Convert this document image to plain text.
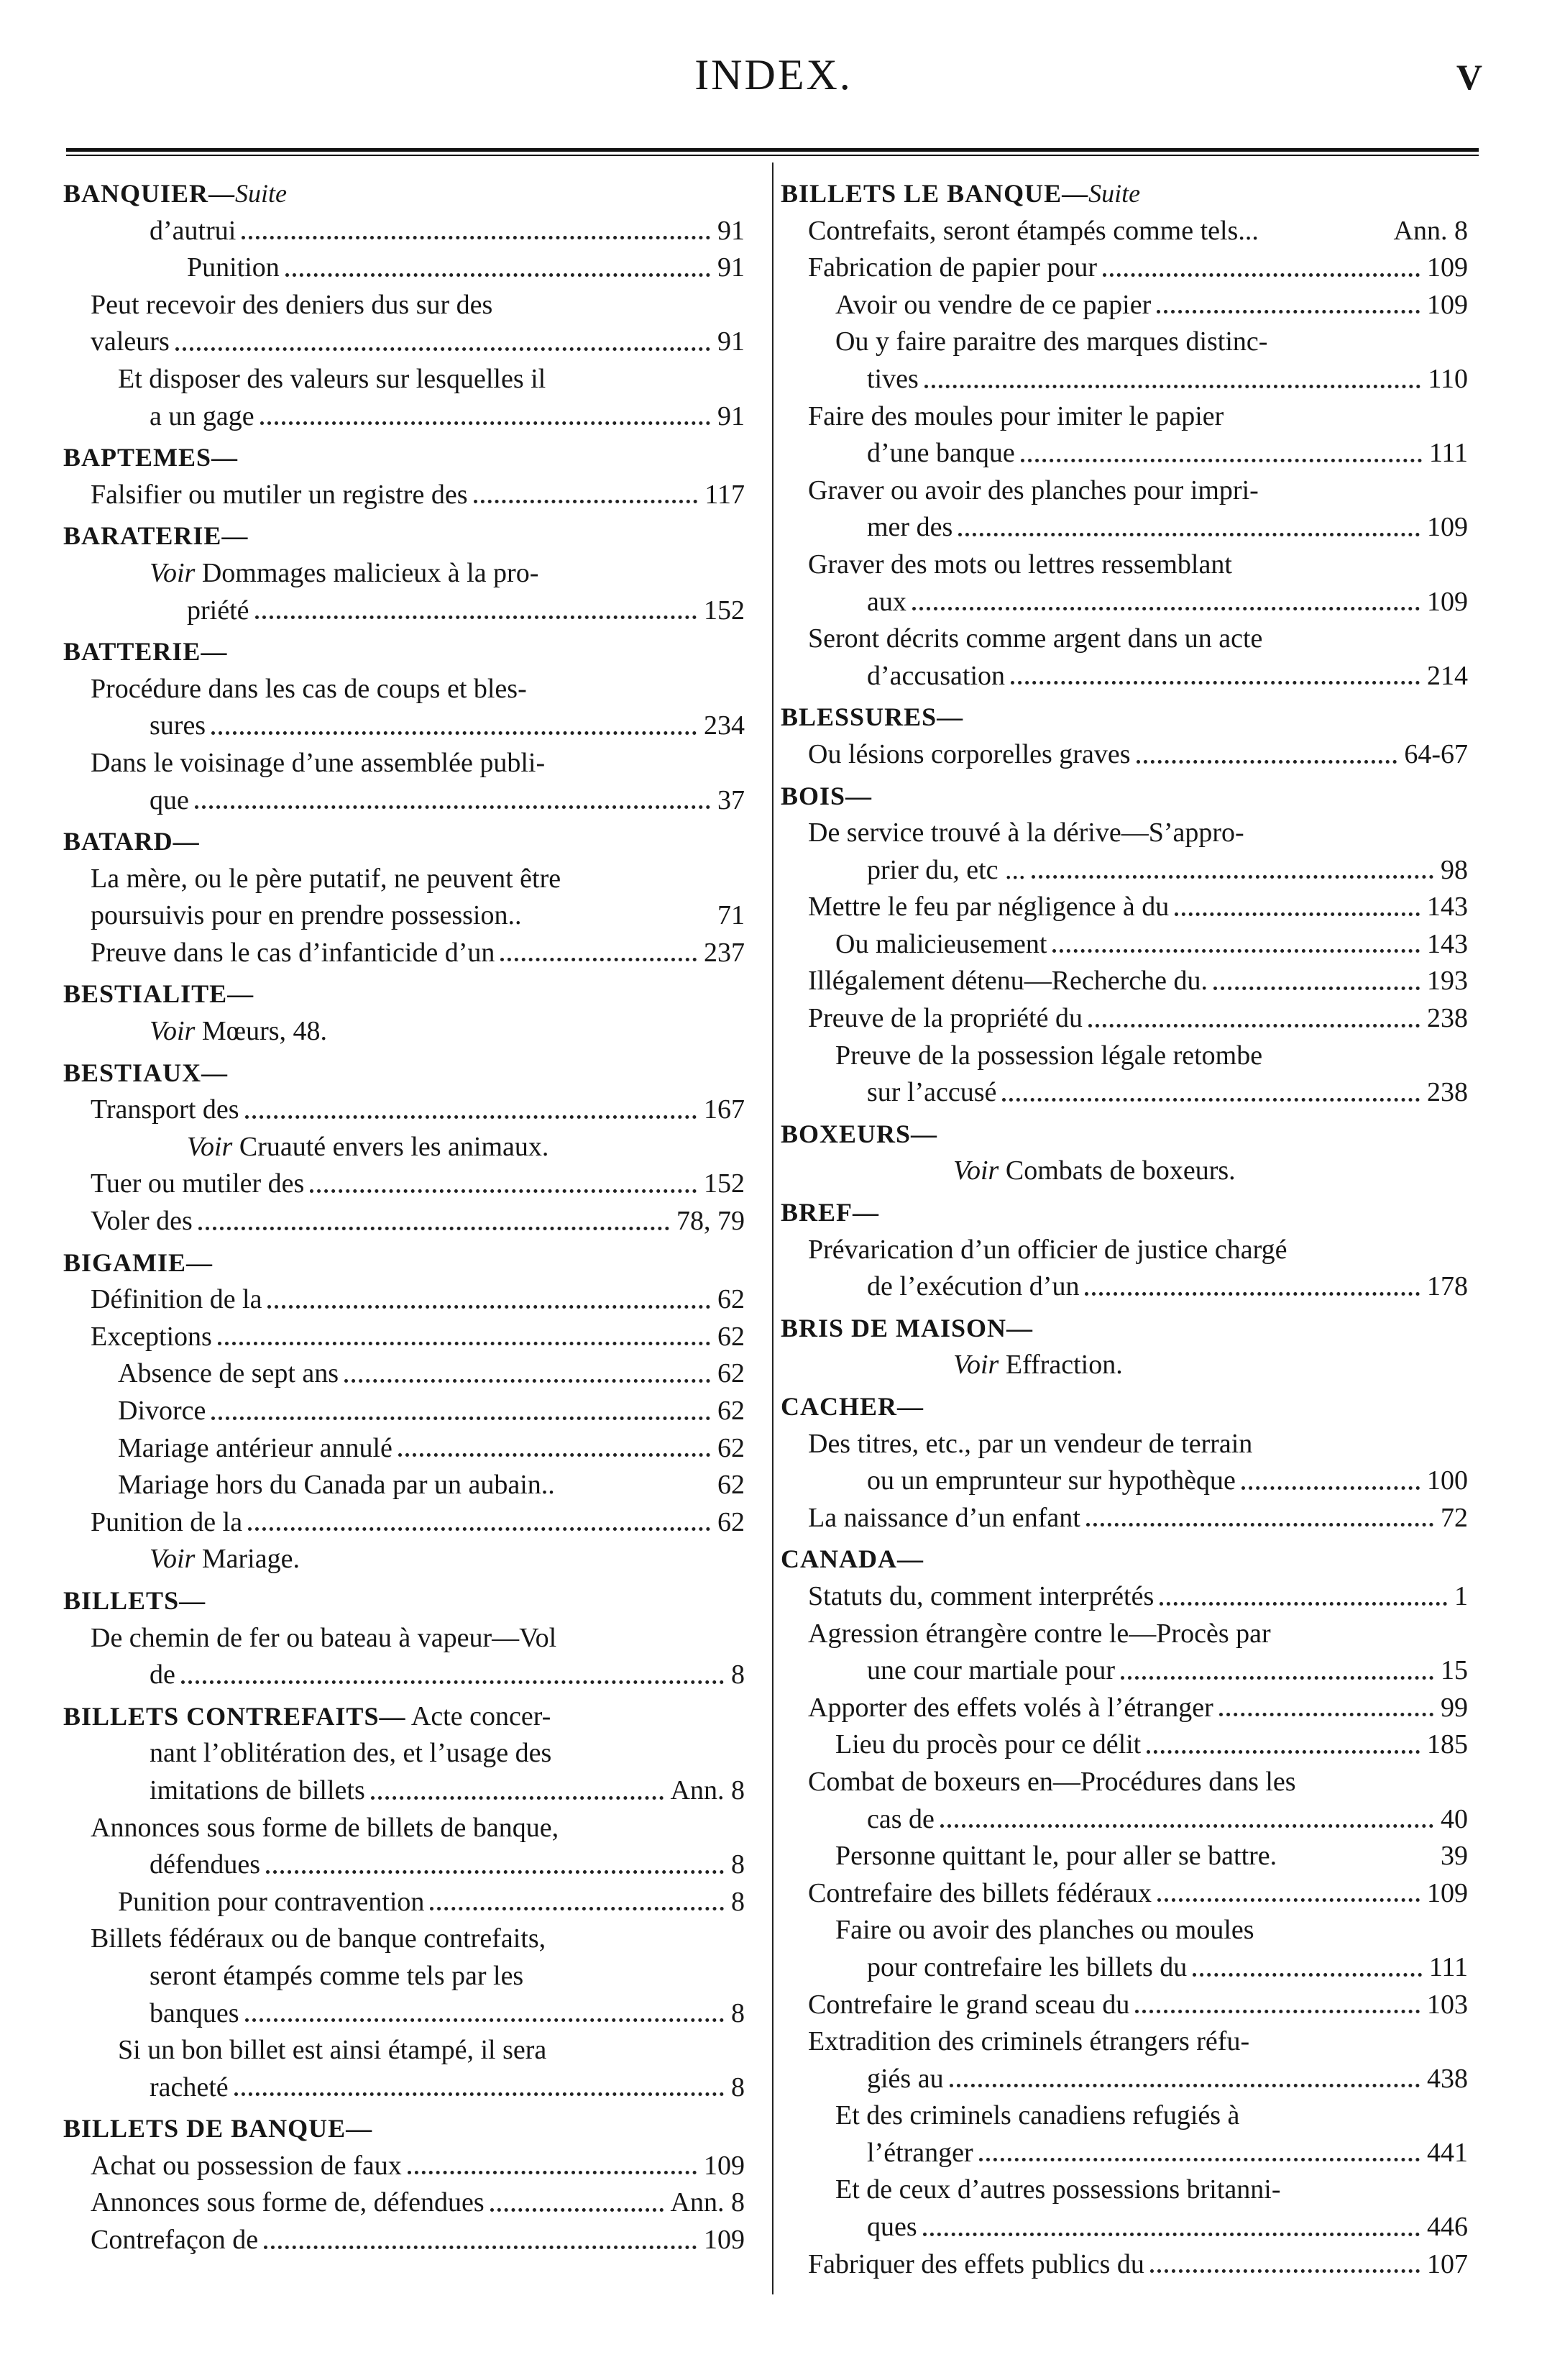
INDEX.	V
BANQUIER—Suite
d’autrui	91
Punition	91
Peut recevoir des deniers dus sur des
valeurs	91
Et disposer des valeurs sur lesquelles il
a un gage	91
BAPTEMES—
Falsifier ou mutiler un registre des	117
BARATERIE—
Voir Dommages malicieux à la pro-
priété	152
BATTERIE—
Procédure dans les cas de coups et bles-
sures	234
Dans le voisinage d’une assemblée publi-
que	37
BATARD—
La mère, ou le père putatif, ne peuvent être
poursuivis pour en prendre possession..	71
Preuve dans le cas d’infanticide d’un	237
BESTIALITE—
Voir Mœurs, 48.
BESTIAUX—
Transport des	167
Voir Cruauté envers les animaux.
Tuer ou mutiler des	152
Voler des	78, 79
BIGAMIE—
Définition de la	62
Exceptions	62
Absence de sept ans	62
Divorce	62
Mariage antérieur annulé	62
Mariage hors du Canada par un aubain..	62
Punition de la	62
Voir Mariage.
BILLETS—
De chemin de fer ou bateau à vapeur—Vol
de	8
BILLETS CONTREFAITS— Acte concer-
nant l’oblitération des, et l’usage des
imitations de billets	Ann. 8
Annonces sous forme de billets de banque,
défendues	8
Punition pour contravention	8
Billets fédéraux ou de banque contrefaits,
seront étampés comme tels par les
banques	8
Si un bon billet est ainsi étampé, il sera
racheté	8
BILLETS DE BANQUE—
Achat ou possession de faux	109
Annonces sous forme de, défendues	Ann. 8
Contrefaçon de	109
BILLETS LE BANQUE—Suite
Contrefaits, seront étampés comme tels...	Ann. 8
Fabrication de papier pour	109
Avoir ou vendre de ce papier	109
Ou y faire paraitre des marques distinc-
tives	110
Faire des moules pour imiter le papier
d’une banque	111
Graver ou avoir des planches pour impri-
mer des	109
Graver des mots ou lettres ressemblant
aux	109
Seront décrits comme argent dans un acte
d’accusation	214
BLESSURES—
Ou lésions corporelles graves	64-67
BOIS—
De service trouvé à la dérive—S’appro-
prier du, etc ...	98
Mettre le feu par négligence à du	143
Ou malicieusement	143
Illégalement détenu—Recherche du.	193
Preuve de la propriété du	238
Preuve de la possession légale retombe
sur l’accusé	238
BOXEURS—
Voir Combats de boxeurs.
BREF—
Prévarication d’un officier de justice chargé
de l’exécution d’un	178
BRIS DE MAISON—
Voir Effraction.
CACHER—
Des titres, etc., par un vendeur de terrain
ou un emprunteur sur hypothèque	100
La naissance d’un enfant	72
CANADA—
Statuts du, comment interprétés	1
Agression étrangère contre le—Procès par
une cour martiale pour	15
Apporter des effets volés à l’étranger	99
Lieu du procès pour ce délit	185
Combat de boxeurs en—Procédures dans les
cas de	40
Personne quittant le, pour aller se battre.	39
Contrefaire des billets fédéraux	109
Faire ou avoir des planches ou moules
pour contrefaire les billets du	111
Contrefaire le grand sceau du	103
Extradition des criminels étrangers réfu-
giés au	438
Et des criminels canadiens refugiés à
l’étranger	441
Et de ceux d’autres possessions britanni-
ques	446
Fabriquer des effets publics du	107
